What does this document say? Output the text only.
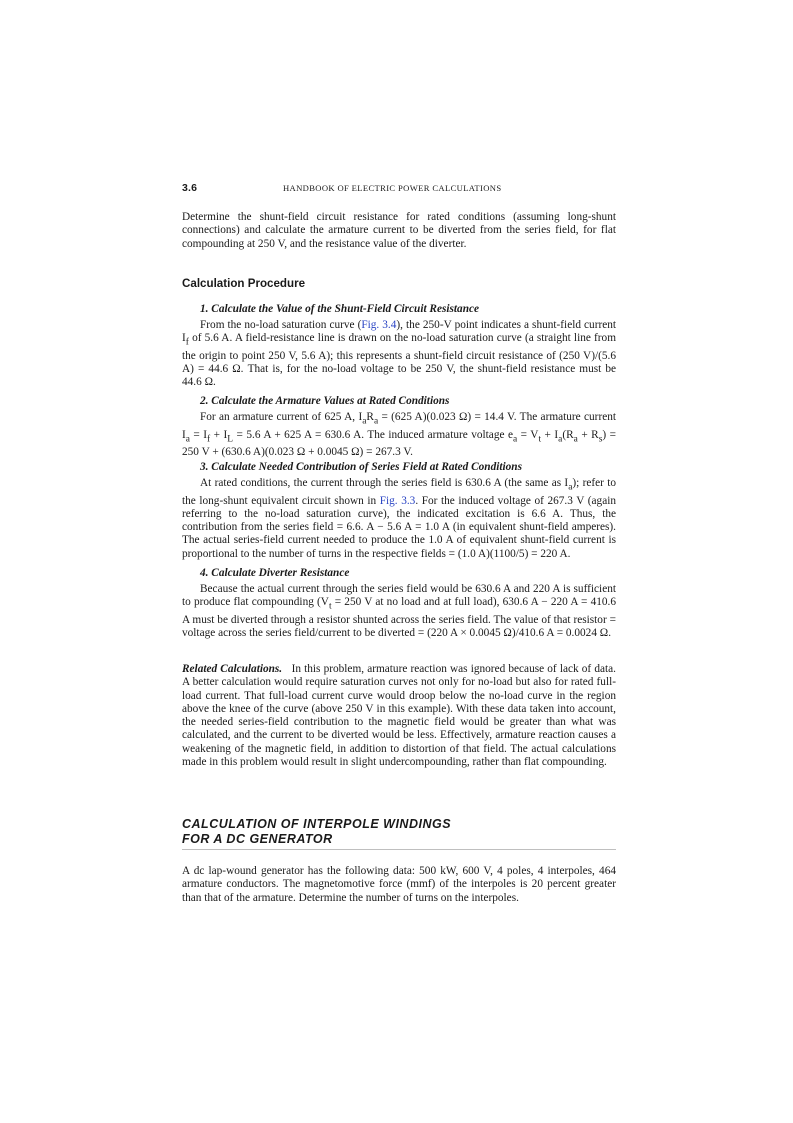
3.6	HANDBOOK OF ELECTRIC POWER CALCULATIONS

Determine the shunt-field circuit resistance for rated conditions (assuming long-shunt connections) and calculate the armature current to be diverted from the series field, for flat compounding at 250 V, and the resistance value of the diverter.

Calculation Procedure
1. Calculate the Value of the Shunt-Field Circuit Resistance

From the no-load saturation curve (Fig. 3.4), the 250-V point indicates a shunt-field current $I_f$ of 5.6 A. A field-resistance line is drawn on the no-load saturation curve (a straight line from the origin to point 250 V, 5.6 A); this represents a shunt-field circuit resistance of (250 V)/(5.6 A) = 44.6 Ω. That is, for the no-load voltage to be 250 V, the shunt-field resistance must be 44.6 Ω.

2. Calculate the Armature Values at Rated Conditions

For an armature current of 625 A, $I_aR_a = (625$ A)(0.023 Ω) = 14.4 V. The armature current $I_a = I_f + I_L = 5.6$ A + 625 A = 630.6 A. The induced armature voltage $e_a = V_t + I_a(R_a + R_s) = 250$ V + (630.6 A)(0.023 Ω + 0.0045 Ω) = 267.3 V.

3. Calculate Needed Contribution of Series Field at Rated Conditions

At rated conditions, the current through the series field is 630.6 A (the same as $I_a$); refer to the long-shunt equivalent circuit shown in Fig. 3.3. For the induced voltage of 267.3 V (again referring to the no-load saturation curve), the indicated excitation is 6.6 A. Thus, the contribution from the series field = 6.6. A − 5.6 A = 1.0 A (in equivalent shunt-field amperes). The actual series-field current needed to produce the 1.0 A of equivalent shunt-field current is proportional to the number of turns in the respective fields = (1.0 A)(1100/5) = 220 A.

4. Calculate Diverter Resistance

Because the actual current through the series field would be 630.6 A and 220 A is sufficient to produce flat compounding ($V_t = 250$ V at no load and at full load), 630.6 A − 220 A = 410.6 A must be diverted through a resistor shunted across the series field. The value of that resistor = voltage across the series field/current to be diverted = (220 A × 0.0045 Ω)/410.6 A = 0.0024 Ω.

Related Calculations. In this problem, armature reaction was ignored because of lack of data. A better calculation would require saturation curves not only for no-load but also for rated full-load current. That full-load current curve would droop below the no-load curve in the region above the knee of the curve (above 250 V in this example). With these data taken into account, the needed series-field contribution to the magnetic field would be greater than what was calculated, and the current to be diverted would be less. Effectively, armature reaction causes a weakening of the magnetic field, in addition to distortion of that field. The actual calculations made in this problem would result in slight undercompounding, rather than flat compounding.

CALCULATION OF INTERPOLE WINDINGS
FOR A DC GENERATOR

A dc lap-wound generator has the following data: 500 kW, 600 V, 4 poles, 4 interpoles, 464 armature conductors. The magnetomotive force (mmf) of the interpoles is 20 percent greater than that of the armature. Determine the number of turns on the interpoles.
